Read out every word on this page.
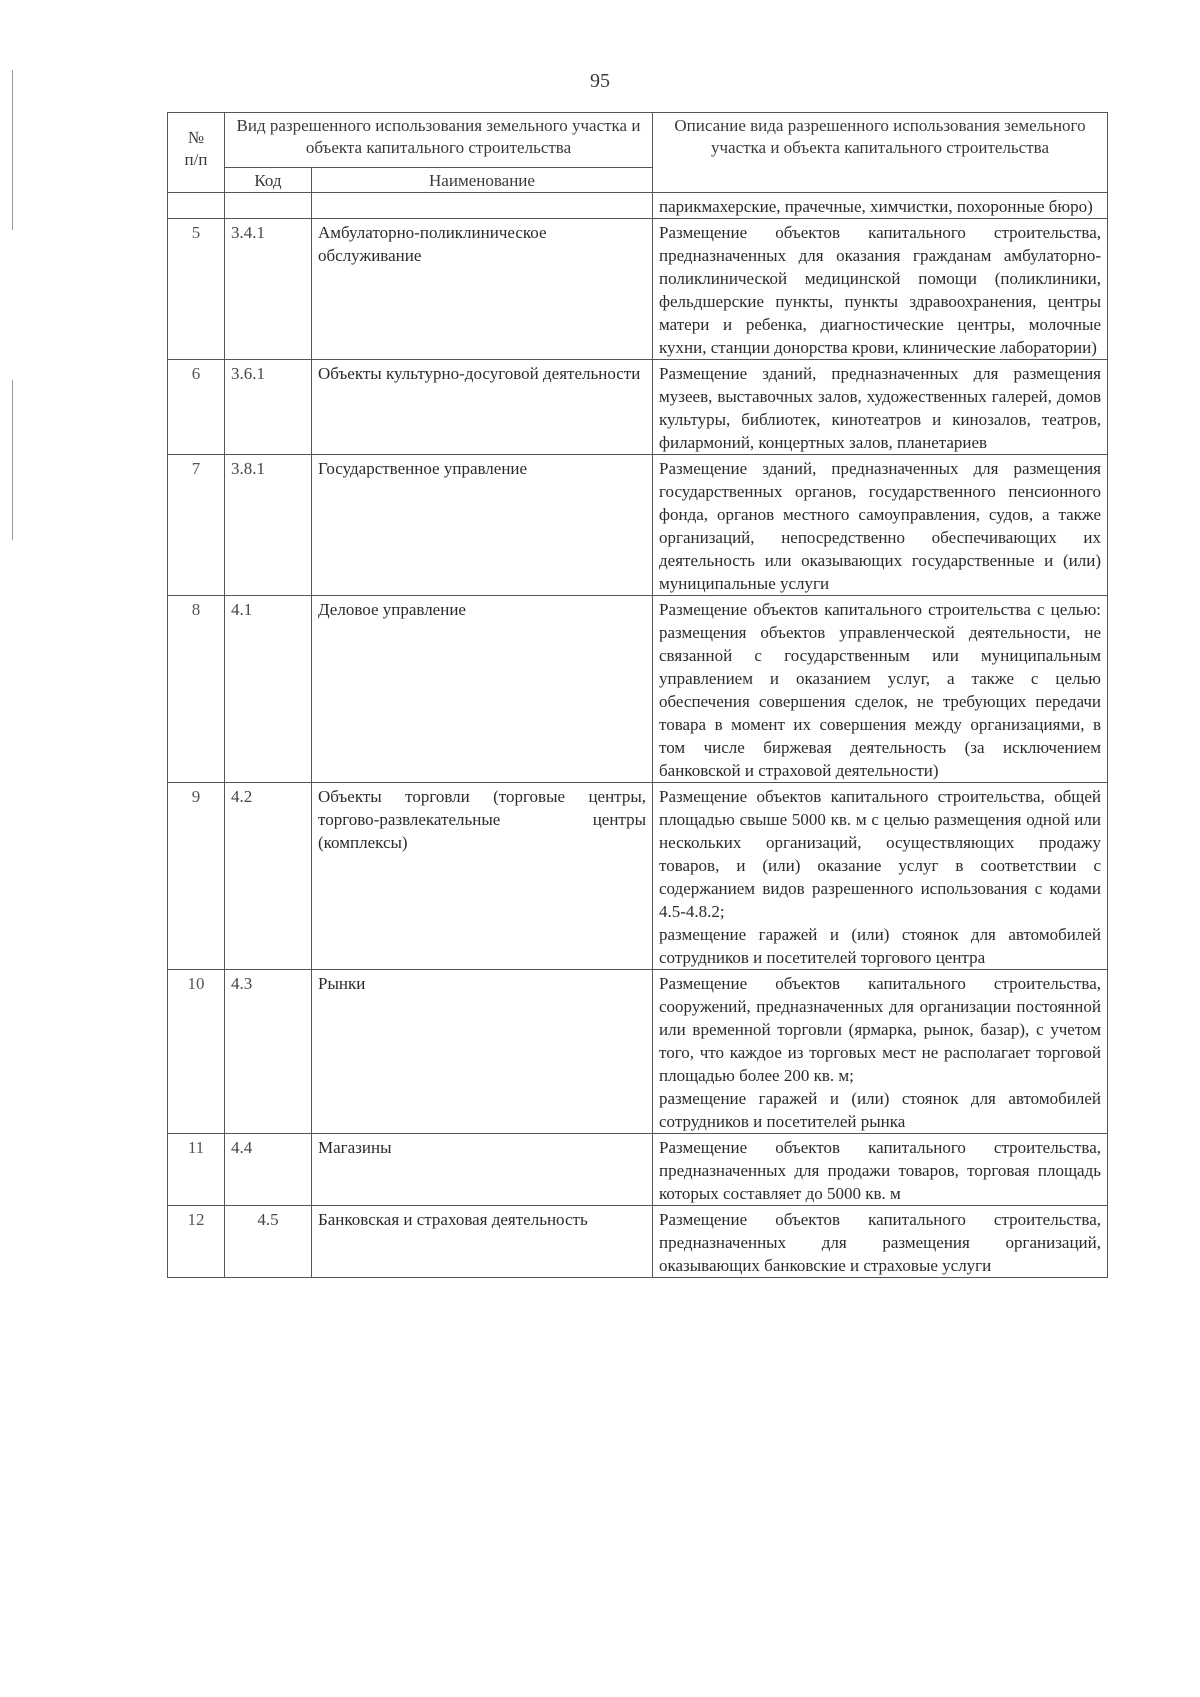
95
№
п/п	Вид разрешенного использования земельного участка и объекта капитального строительства		Описание вида разрешенного использования земельного участка и объекта капитального строительства
	Код	Наименование	
			парикмахерские, прачечные, химчистки, похоронные бюро)
5	3.4.1	Амбулаторно-поликлиническое обслуживание	Размещение объектов капитального строительства, предназначенных для оказания гражданам амбулаторно-поликлинической медицинской помощи (поликлиники, фельдшерские пункты, пункты здравоохранения, центры матери и ребенка, диагностические центры, молочные кухни, станции донорства крови, клинические лаборатории)
6	3.6.1	Объекты культурно-досуговой деятельности	Размещение зданий, предназначенных для размещения музеев, выставочных залов, художественных галерей, домов культуры, библиотек, кинотеатров и кинозалов, театров, филармоний, концертных залов, планетариев
7	3.8.1	Государственное управление	Размещение зданий, предназначенных для размещения государственных органов, государственного пенсионного фонда, органов местного самоуправления, судов, а также организаций, непосредственно обеспечивающих их деятельность или оказывающих государственные и (или) муниципальные услуги
8	4.1	Деловое управление	Размещение объектов капитального строительства с целью: размещения объектов управленческой деятельности, не связанной с государственным или муниципальным управлением и оказанием услуг, а также с целью обеспечения совершения сделок, не требующих передачи товара в момент их совершения между организациями, в том числе биржевая деятельность (за исключением банковской и страховой деятельности)
9	4.2	Объекты торговли (торговые центры, торгово-развлекательные центры (комплексы)	Размещение объектов капитального строительства, общей площадью свыше 5000 кв. м с целью размещения одной или нескольких организаций, осуществляющих продажу товаров, и (или) оказание услуг в соответствии с содержанием видов разрешенного использования с кодами 4.5-4.8.2;
размещение гаражей и (или) стоянок для автомобилей сотрудников и посетителей торгового центра
10	4.3	Рынки	Размещение объектов капитального строительства, сооружений, предназначенных для организации постоянной или временной торговли (ярмарка, рынок, базар), с учетом того, что каждое из торговых мест не располагает торговой площадью более 200 кв. м;
размещение гаражей и (или) стоянок для автомобилей сотрудников и посетителей рынка
11	4.4	Магазины	Размещение объектов капитального строительства, предназначенных для продажи товаров, торговая площадь которых составляет до 5000 кв. м
12	4.5	Банковская и страховая деятельность	Размещение объектов капитального строительства, предназначенных для размещения организаций, оказывающих банковские и страховые услуги
